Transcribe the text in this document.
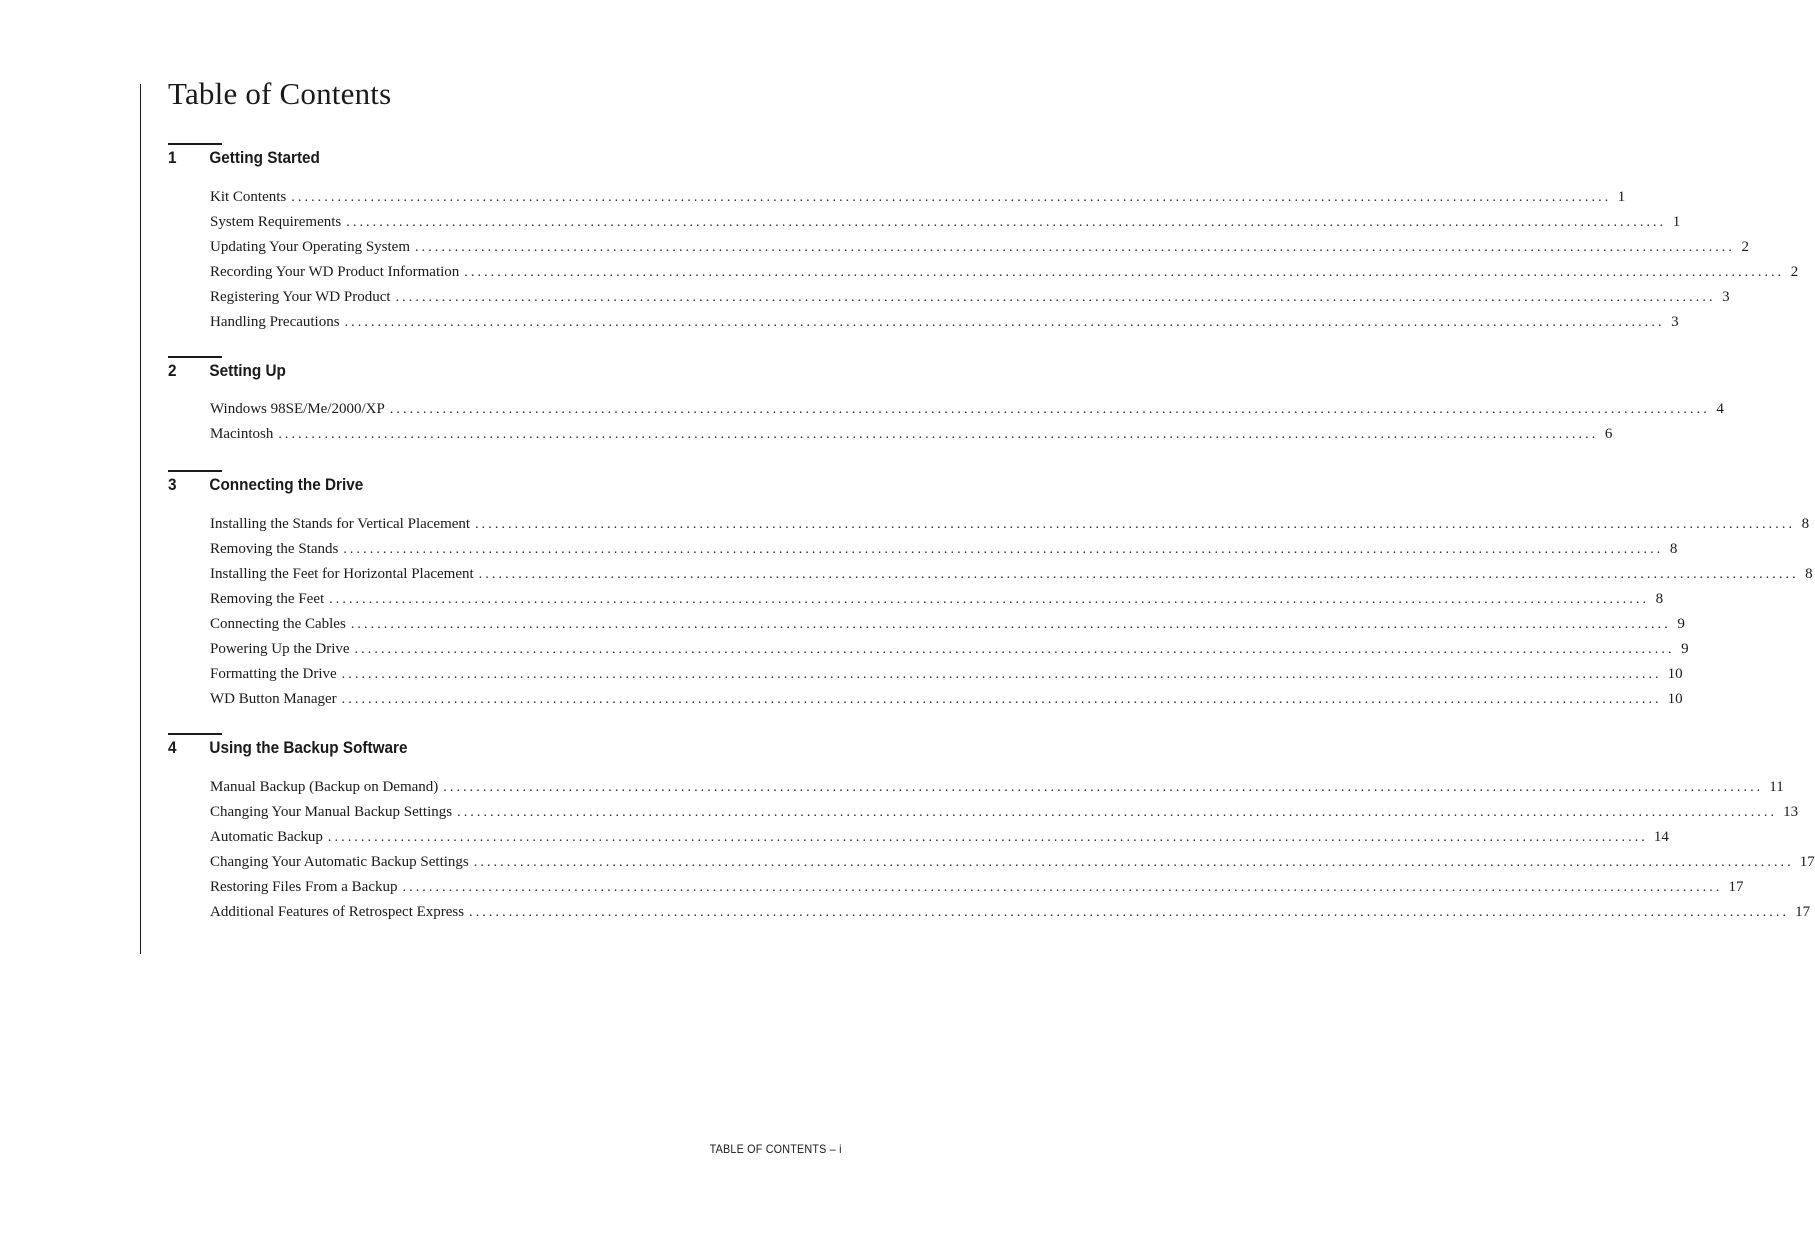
Table of Contents
1 Getting Started
Kit Contents ........................................................................................................................................................................................................ 1
System Requirements ........................................................................................................................................................................................................ 1
Updating Your Operating System ........................................................................................................................................................................................................ 2
Recording Your WD Product Information ........................................................................................................................................................................................................ 2
Registering Your WD Product ........................................................................................................................................................................................................ 3
Handling Precautions ........................................................................................................................................................................................................ 3
2 Setting Up
Windows 98SE/Me/2000/XP ........................................................................................................................................................................................................ 4
Macintosh ........................................................................................................................................................................................................ 6
3 Connecting the Drive
Installing the Stands for Vertical Placement ........................................................................................................................................................................................................ 8
Removing the Stands ........................................................................................................................................................................................................ 8
Installing the Feet for Horizontal Placement ........................................................................................................................................................................................................ 8
Removing the Feet ........................................................................................................................................................................................................ 8
Connecting the Cables ........................................................................................................................................................................................................ 9
Powering Up the Drive ........................................................................................................................................................................................................ 9
Formatting the Drive ........................................................................................................................................................................................................ 10
WD Button Manager ........................................................................................................................................................................................................ 10
4 Using the Backup Software
Manual Backup (Backup on Demand) ........................................................................................................................................................................................................ 11
Changing Your Manual Backup Settings ........................................................................................................................................................................................................ 13
Automatic Backup ........................................................................................................................................................................................................ 14
Changing Your Automatic Backup Settings ........................................................................................................................................................................................................ 17
Restoring Files From a Backup ........................................................................................................................................................................................................ 17
Additional Features of Retrospect Express ........................................................................................................................................................................................................ 17
TABLE OF CONTENTS – i
